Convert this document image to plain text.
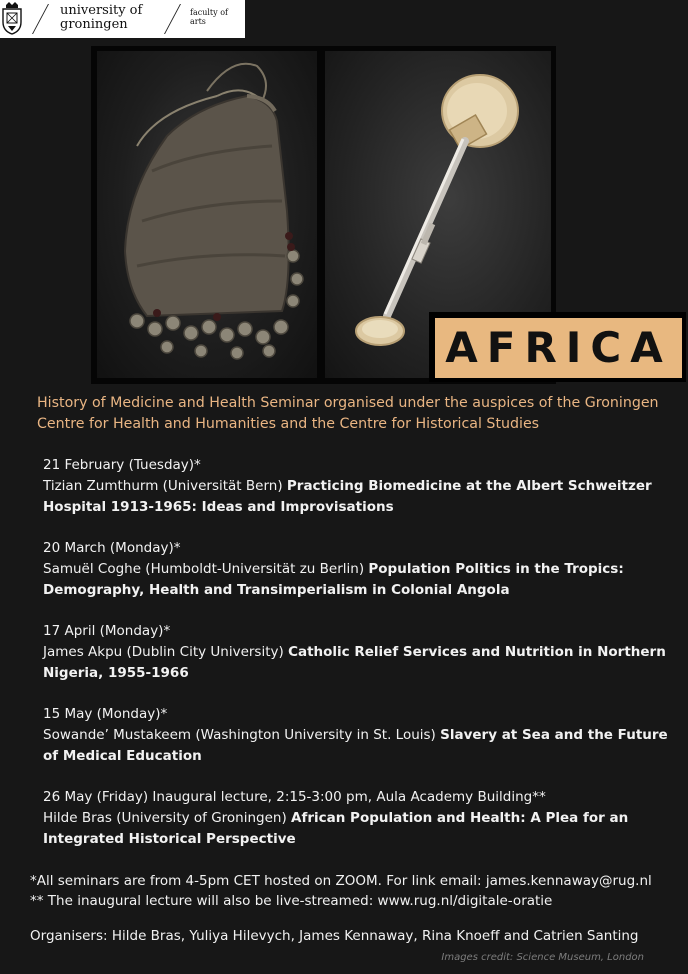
university of
groningen
faculty of arts
AFRICA
History of Medicine and Health Seminar organised under the auspices of the Groningen Centre for Health and Humanities and the Centre for Historical Studies
21 February (Tuesday)*
Tizian Zumthurm (Universität Bern) Practicing Biomedicine at the Albert Schweitzer Hospital 1913-1965: Ideas and Improvisations
20 March (Monday)*
Samuël Coghe (Humboldt-Universität zu Berlin) Population Politics in the Tropics: Demography, Health and Transimperialism in Colonial Angola
17 April (Monday)*
James Akpu (Dublin City University) Catholic Relief Services and Nutrition in Northern Nigeria, 1955-1966
15 May (Monday)*
Sowande’ Mustakeem (Washington University in St. Louis) Slavery at Sea and the Future of Medical Education
26 May (Friday) Inaugural lecture, 2:15-3:00 pm, Aula Academy Building**
Hilde Bras (University of Groningen) African Population and Health: A Plea for an Integrated Historical Perspective
*All seminars are from 4-5pm CET hosted on ZOOM. For link email: james.kennaway@rug.nl
** The inaugural lecture will also be live-streamed: www.rug.nl/digitale-oratie
Organisers: Hilde Bras, Yuliya Hilevych, James Kennaway, Rina Knoeff and Catrien Santing
Images credit: Science Museum, London
